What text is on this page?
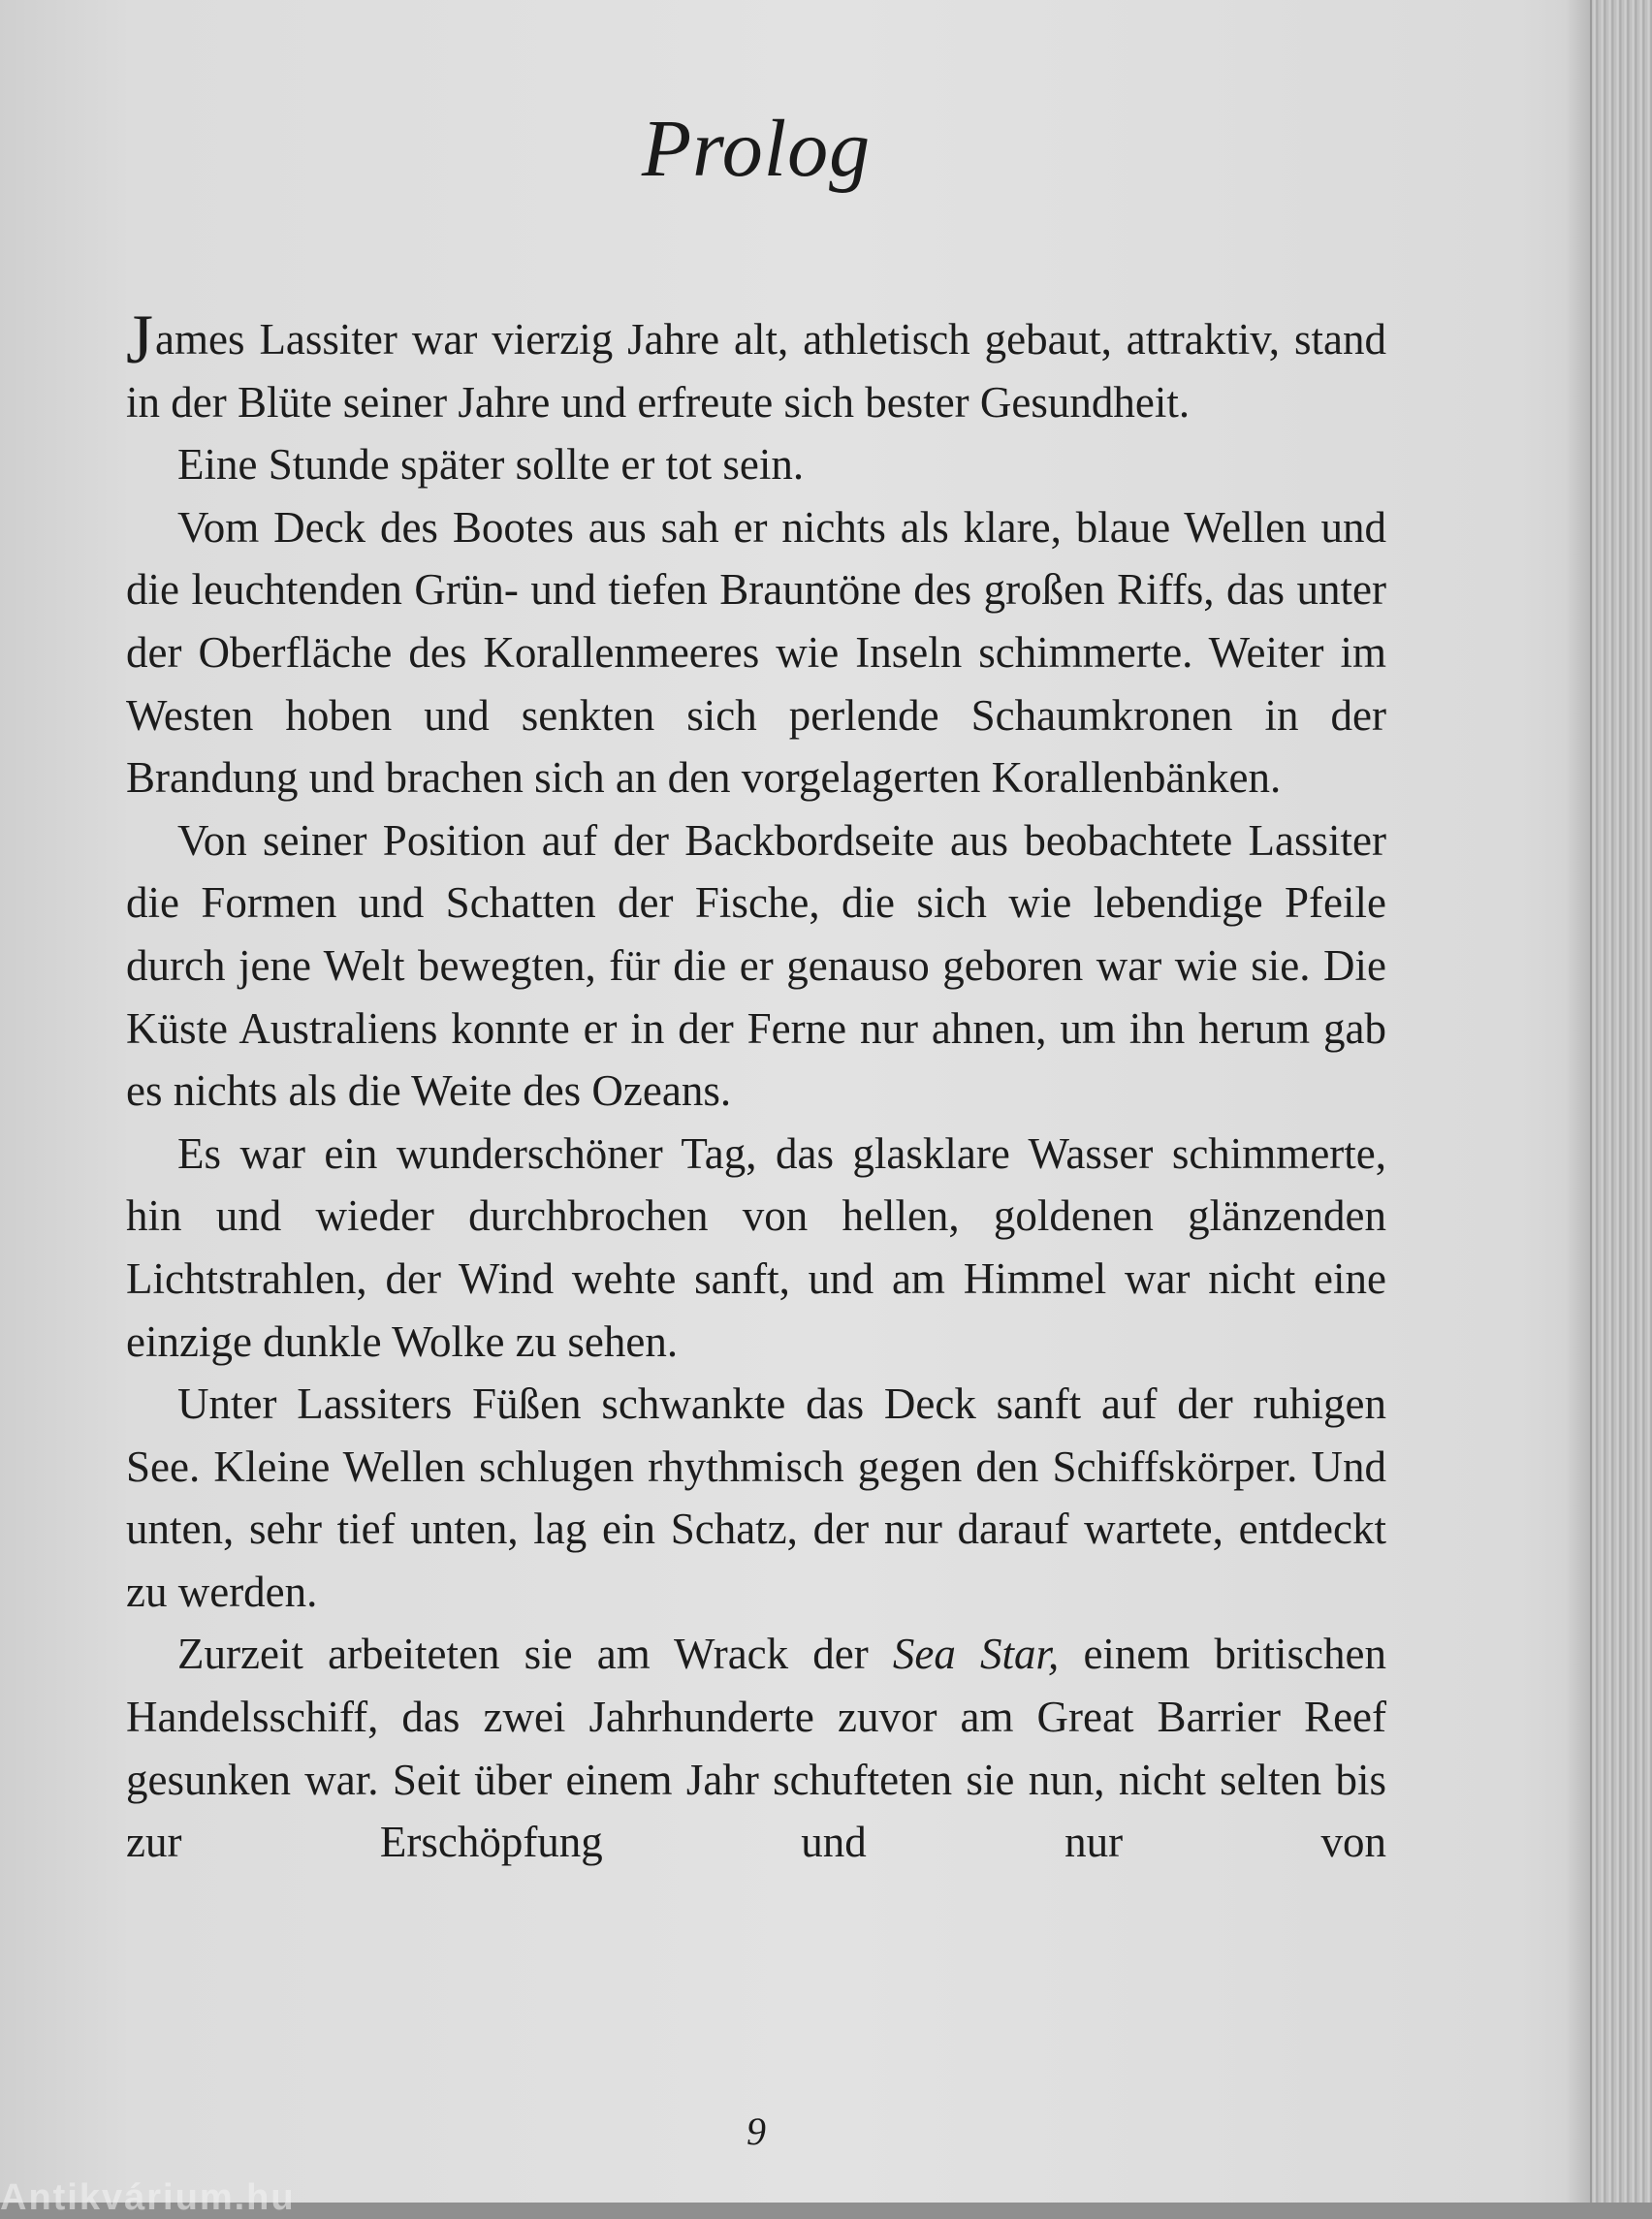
Prolog

James Lassiter war vierzig Jahre alt, athletisch gebaut, attraktiv, stand in der Blüte seiner Jahre und erfreute sich bester Gesundheit.

Eine Stunde später sollte er tot sein.

Vom Deck des Bootes aus sah er nichts als klare, blaue Wellen und die leuchtenden Grün- und tiefen Brauntöne des großen Riffs, das unter der Oberfläche des Korallenmeeres wie Inseln schimmerte. Weiter im Westen hoben und senkten sich perlende Schaumkronen in der Brandung und brachen sich an den vorgelagerten Korallenbänken.

Von seiner Position auf der Backbordseite aus beobachtete Lassiter die Formen und Schatten der Fische, die sich wie lebendige Pfeile durch jene Welt bewegten, für die er genauso geboren war wie sie. Die Küste Australiens konnte er in der Ferne nur ahnen, um ihn herum gab es nichts als die Weite des Ozeans.

Es war ein wunderschöner Tag, das glasklare Wasser schimmerte, hin und wieder durchbrochen von hellen, goldenen glänzenden Lichtstrahlen, der Wind wehte sanft, und am Himmel war nicht eine einzige dunkle Wolke zu sehen.

Unter Lassiters Füßen schwankte das Deck sanft auf der ruhigen See. Kleine Wellen schlugen rhythmisch gegen den Schiffskörper. Und unten, sehr tief unten, lag ein Schatz, der nur darauf wartete, entdeckt zu werden.

Zurzeit arbeiteten sie am Wrack der Sea Star, einem britischen Handelsschiff, das zwei Jahrhunderte zuvor am Great Barrier Reef gesunken war. Seit über einem Jahr schufteten sie nun, nicht selten bis zur Erschöpfung und nur von

9
Antikvárium.hu
